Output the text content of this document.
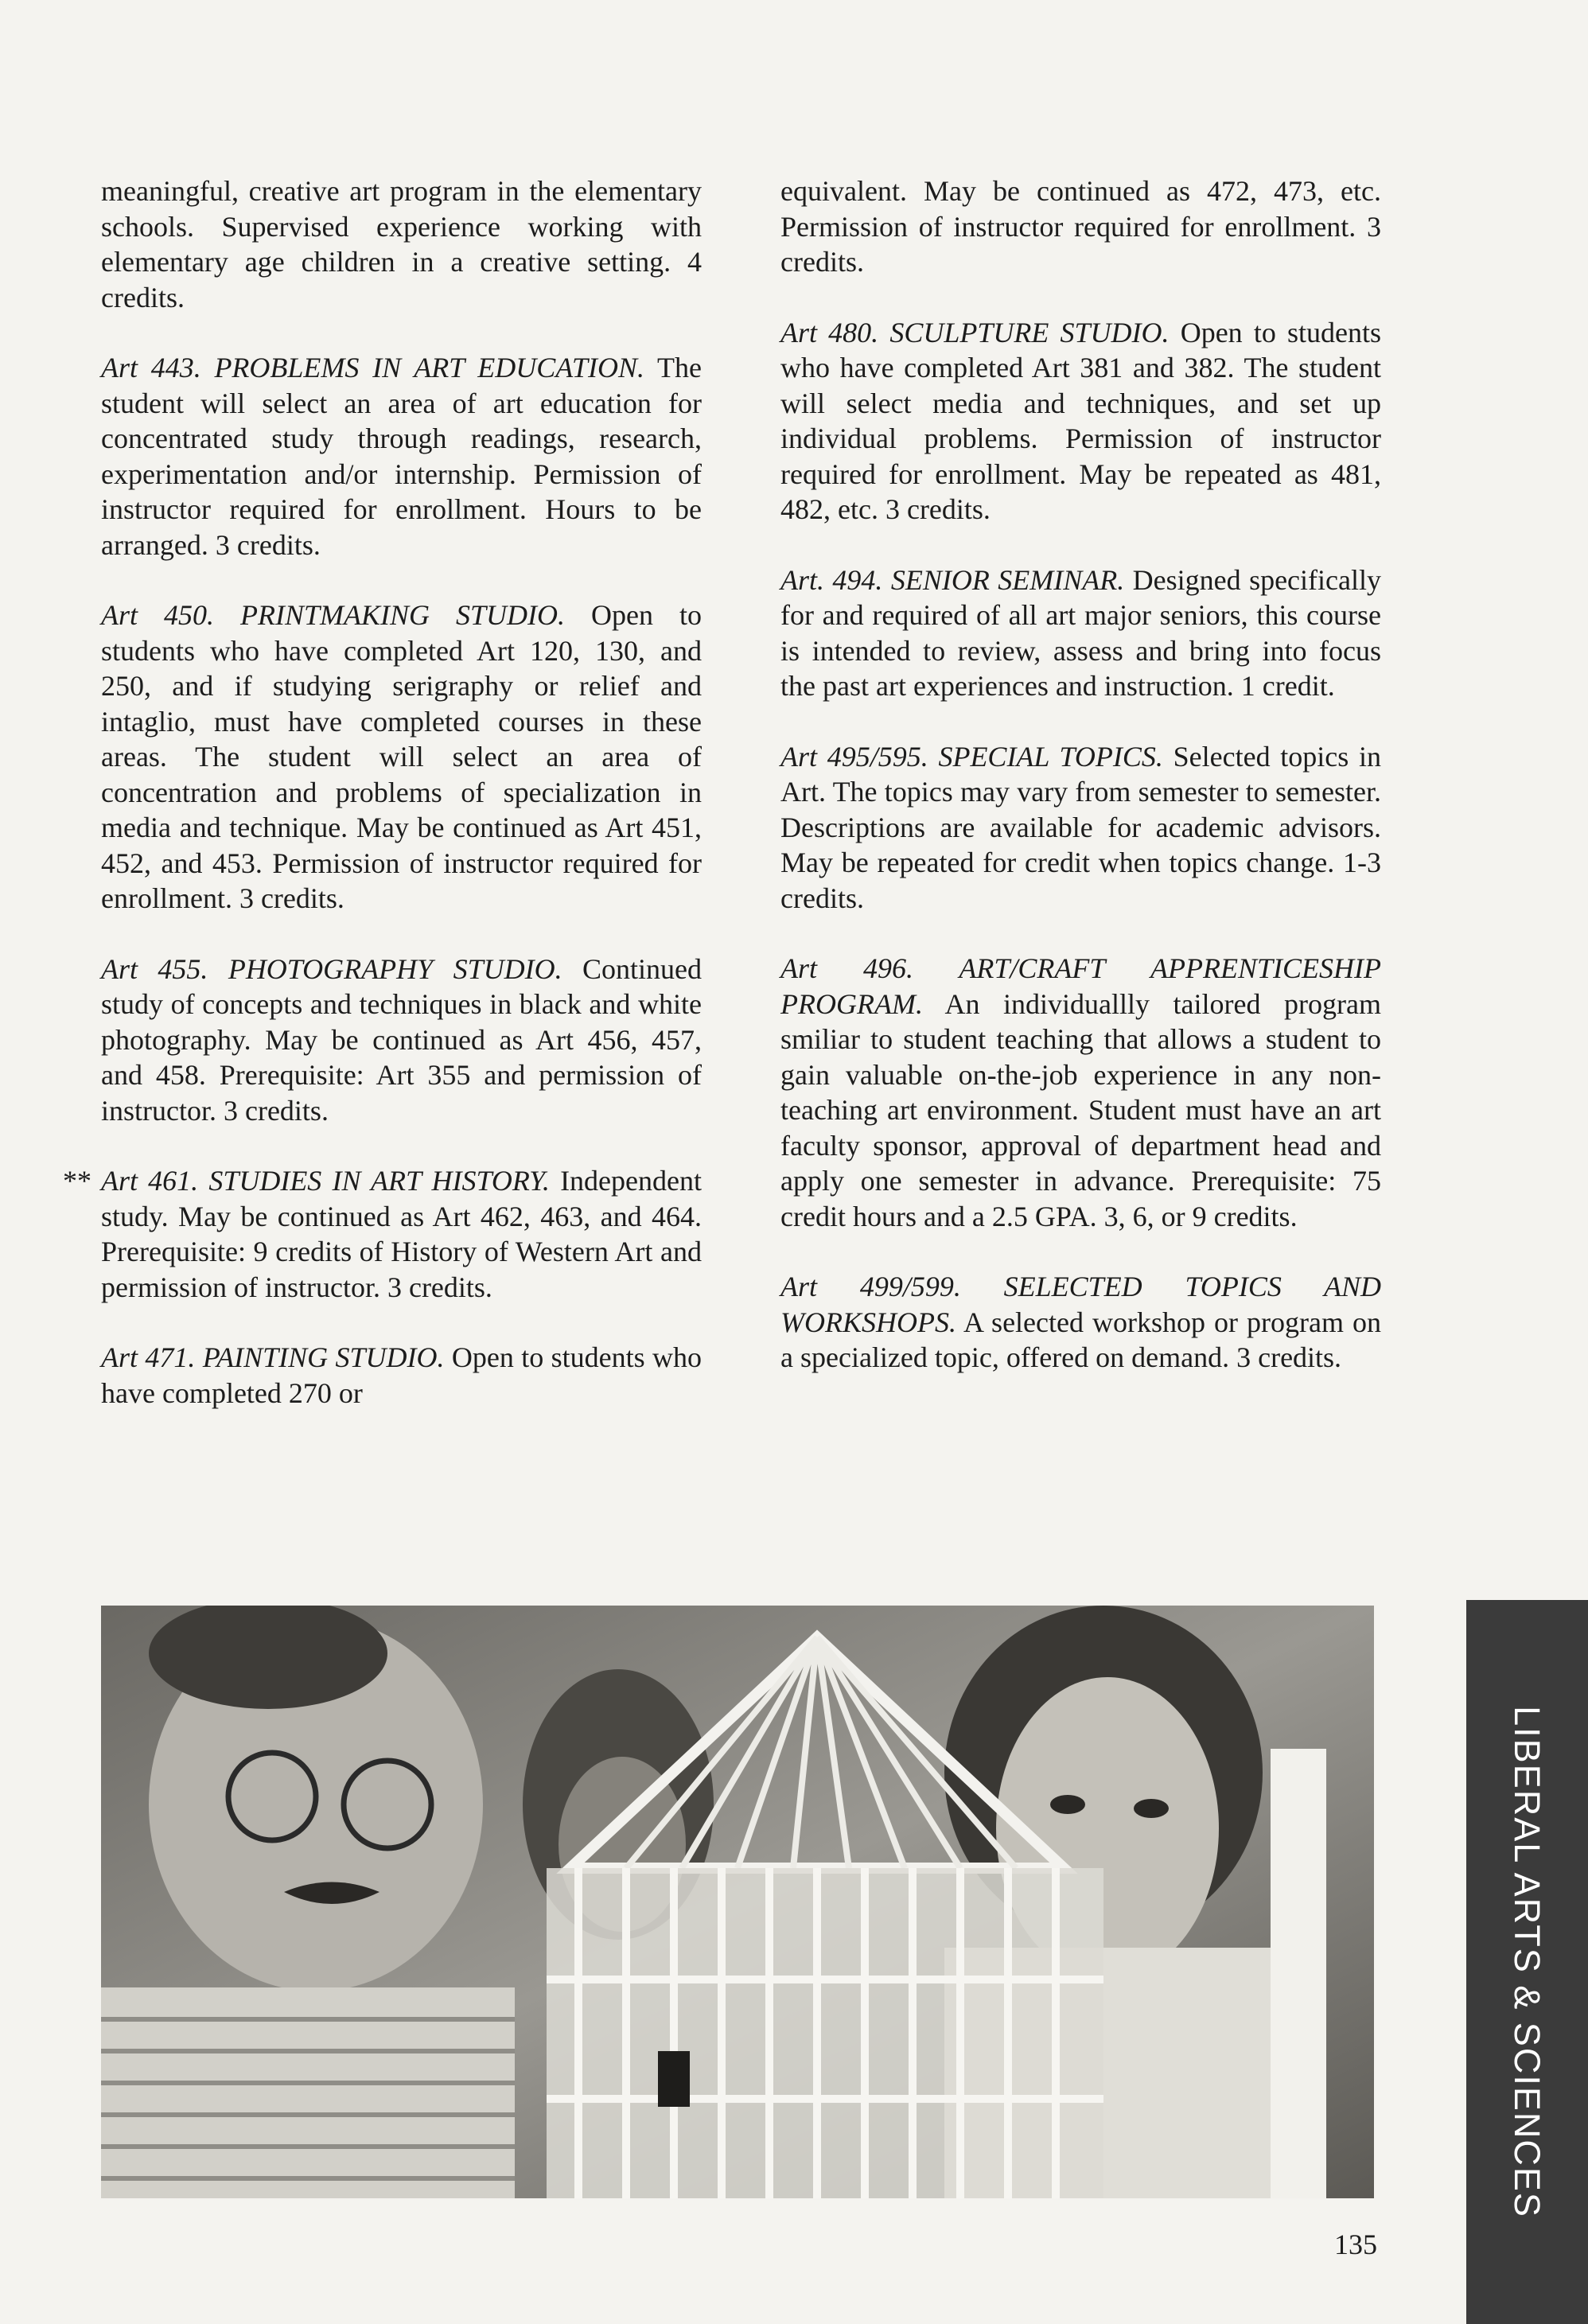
meaningful, creative art program in the elementary schools. Supervised experience working with elementary age children in a creative setting. 4 credits.

Art 443. PROBLEMS IN ART EDUCATION. The student will select an area of art education for concentrated study through readings, research, experimentation and/or internship. Permission of instructor required for enrollment. Hours to be arranged. 3 credits.

Art 450. PRINTMAKING STUDIO. Open to students who have completed Art 120, 130, and 250, and if studying serigraphy or relief and intaglio, must have completed courses in these areas. The student will select an area of concentration and problems of specialization in media and technique. May be continued as Art 451, 452, and 453. Permission of instructor required for enrollment. 3 credits.

Art 455. PHOTOGRAPHY STUDIO. Continued study of concepts and techniques in black and white photography. May be continued as Art 456, 457, and 458. Prerequisite: Art 355 and permission of instructor. 3 credits.

** Art 461. STUDIES IN ART HISTORY. Independent study. May be continued as Art 462, 463, and 464. Prerequisite: 9 credits of History of Western Art and permission of instructor. 3 credits.

Art 471. PAINTING STUDIO. Open to students who have completed 270 or

equivalent. May be continued as 472, 473, etc. Permission of instructor required for enrollment. 3 credits.

Art 480. SCULPTURE STUDIO. Open to students who have completed Art 381 and 382. The student will select media and techniques, and set up individual problems. Permission of instructor required for enrollment. May be repeated as 481, 482, etc. 3 credits.

Art. 494. SENIOR SEMINAR. Designed specifically for and required of all art major seniors, this course is intended to review, assess and bring into focus the past art experiences and instruction. 1 credit.

Art 495/595. SPECIAL TOPICS. Selected topics in Art. The topics may vary from semester to semester. Descriptions are available for academic advisors. May be repeated for credit when topics change. 1-3 credits.

Art 496. ART/CRAFT APPRENTICESHIP PROGRAM. An individuallly tailored program smiliar to student teaching that allows a student to gain valuable on-the-job experience in any non-teaching art environment. Student must have an art faculty sponsor, approval of department head and apply one semester in advance. Prerequisite: 75 credit hours and a 2.5 GPA. 3, 6, or 9 credits.

Art 499/599. SELECTED TOPICS AND WORKSHOPS. A selected workshop or program on a specialized topic, offered on demand. 3 credits.

LIBERAL ARTS & SCIENCES
135
